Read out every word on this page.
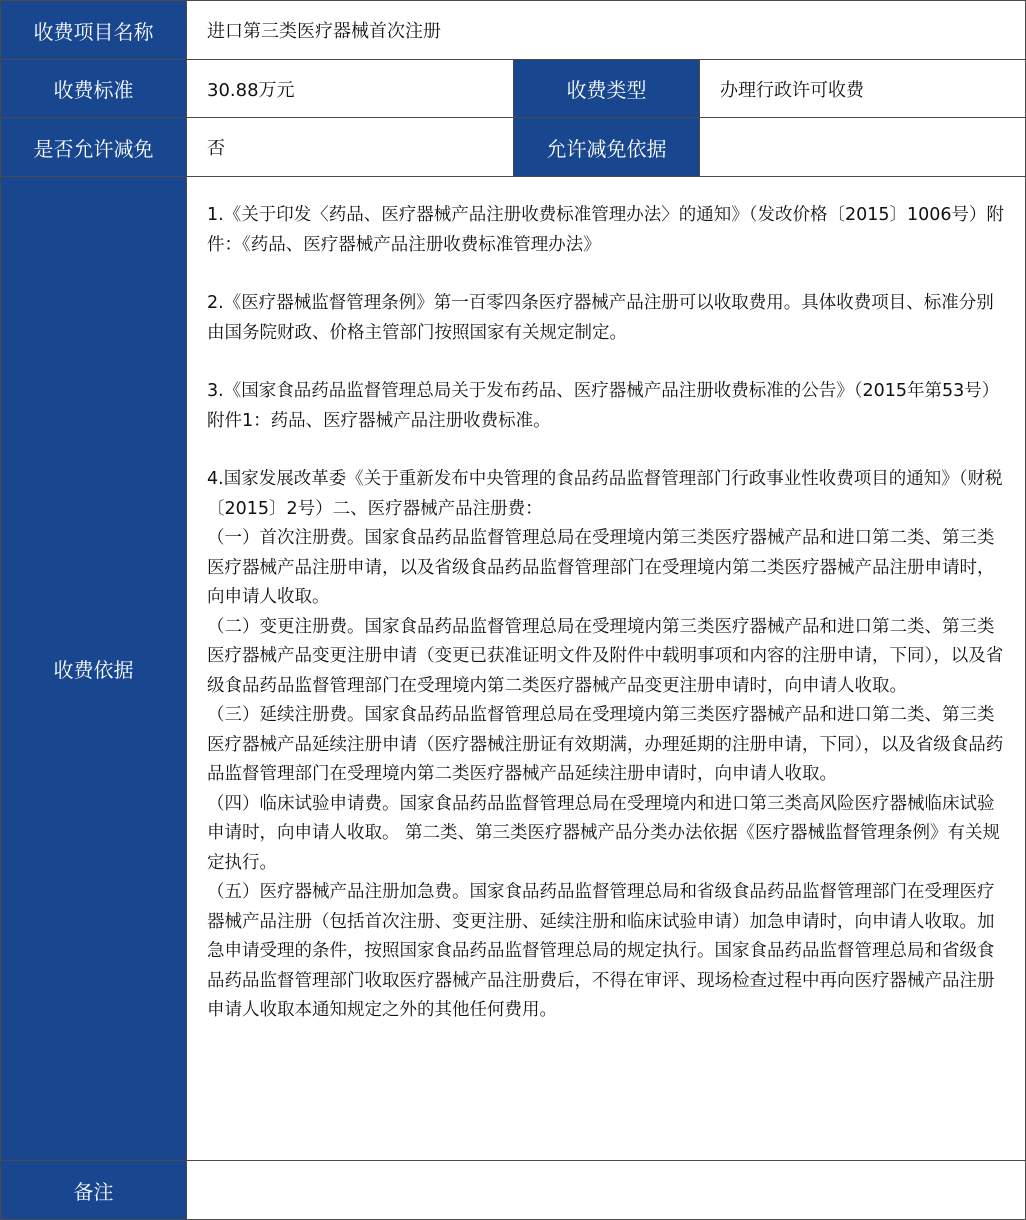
收费项目名称	进口第三类医疗器械首次注册
收费标准	30.88万元	收费类型	办理行政许可收费
是否允许减免	否	允许减免依据
收费依据

1.《关于印发〈药品、医疗器械产品注册收费标准管理办法〉的通知》（发改价格〔2015〕1006号）附件：《药品、医疗器械产品注册收费标准管理办法》

2.《医疗器械监督管理条例》第一百零四条医疗器械产品注册可以收取费用。具体收费项目、标准分别由国务院财政、价格主管部门按照国家有关规定制定。

3.《国家食品药品监督管理总局关于发布药品、医疗器械产品注册收费标准的公告》（2015年第53号）附件1：药品、医疗器械产品注册收费标准。

4.国家发展改革委《关于重新发布中央管理的食品药品监督管理部门行政事业性收费项目的通知》（财税〔2015〕2号）二、医疗器械产品注册费：

（一）首次注册费。国家食品药品监督管理总局在受理境内第三类医疗器械产品和进口第二类、第三类医疗器械产品注册申请，以及省级食品药品监督管理部门在受理境内第二类医疗器械产品注册申请时，向申请人收取。

（二）变更注册费。国家食品药品监督管理总局在受理境内第三类医疗器械产品和进口第二类、第三类医疗器械产品变更注册申请（变更已获准证明文件及附件中载明事项和内容的注册申请，下同），以及省级食品药品监督管理部门在受理境内第二类医疗器械产品变更注册申请时，向申请人收取。

（三）延续注册费。国家食品药品监督管理总局在受理境内第三类医疗器械产品和进口第二类、第三类医疗器械产品延续注册申请（医疗器械注册证有效期满，办理延期的注册申请，下同），以及省级食品药品监督管理部门在受理境内第二类医疗器械产品延续注册申请时，向申请人收取。

（四）临床试验申请费。国家食品药品监督管理总局在受理境内和进口第三类高风险医疗器械临床试验申请时，向申请人收取。 第二类、第三类医疗器械产品分类办法依据《医疗器械监督管理条例》有关规定执行。

（五）医疗器械产品注册加急费。国家食品药品监督管理总局和省级食品药品监督管理部门在受理医疗器械产品注册（包括首次注册、变更注册、延续注册和临床试验申请）加急申请时，向申请人收取。加急申请受理的条件，按照国家食品药品监督管理总局的规定执行。国家食品药品监督管理总局和省级食品药品监督管理部门收取医疗器械产品注册费后，不得在审评、现场检查过程中再向医疗器械产品注册申请人收取本通知规定之外的其他任何费用。

备注
